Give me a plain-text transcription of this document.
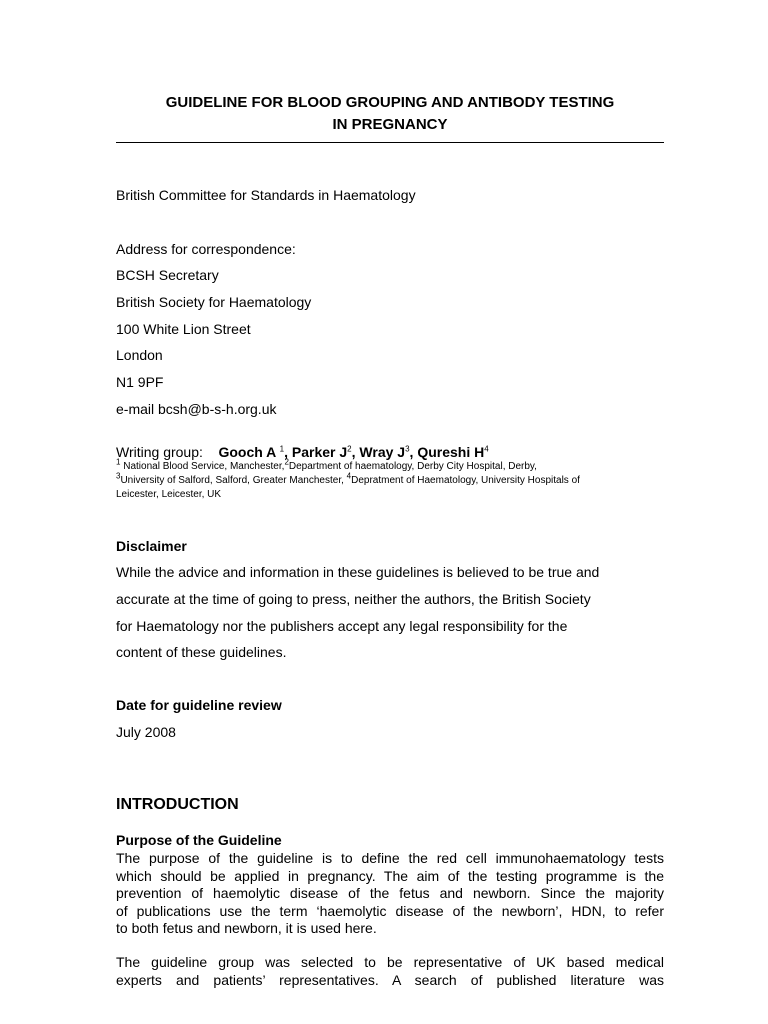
GUIDELINE FOR BLOOD GROUPING AND ANTIBODY TESTING
IN PREGNANCY
British Committee for Standards in Haematology
Address for correspondence:
BCSH Secretary
British Society for Haematology
100 White Lion Street
London
N1 9PF
e-mail bcsh@b-s-h.org.uk
Writing group: Gooch A $^1$, Parker $J^2$, Wray $J^3$, Qureshi $H^4$
$^1$ National Blood Service, Manchester,$^2$Department of haematology, Derby City Hospital, Derby,
$^3$University of Salford, Salford, Greater Manchester, $^4$Depratment of Haematology, University Hospitals of
Leicester, Leicester, UK
Disclaimer
While the advice and information in these guidelines is believed to be true and
accurate at the time of going to press, neither the authors, the British Society
for Haematology nor the publishers accept any legal responsibility for the
content of these guidelines.
Date for guideline review
July 2008
INTRODUCTION
Purpose of the Guideline
The purpose of the guideline is to define the red cell immunohaematology tests
which should be applied in pregnancy. The aim of the testing programme is the
prevention of haemolytic disease of the fetus and newborn. Since the majority
of publications use the term ‘haemolytic disease of the newborn’, HDN, to refer
to both fetus and newborn, it is used here.
The guideline group was selected to be representative of UK based medical
experts and patients’ representatives. A search of published literature was
